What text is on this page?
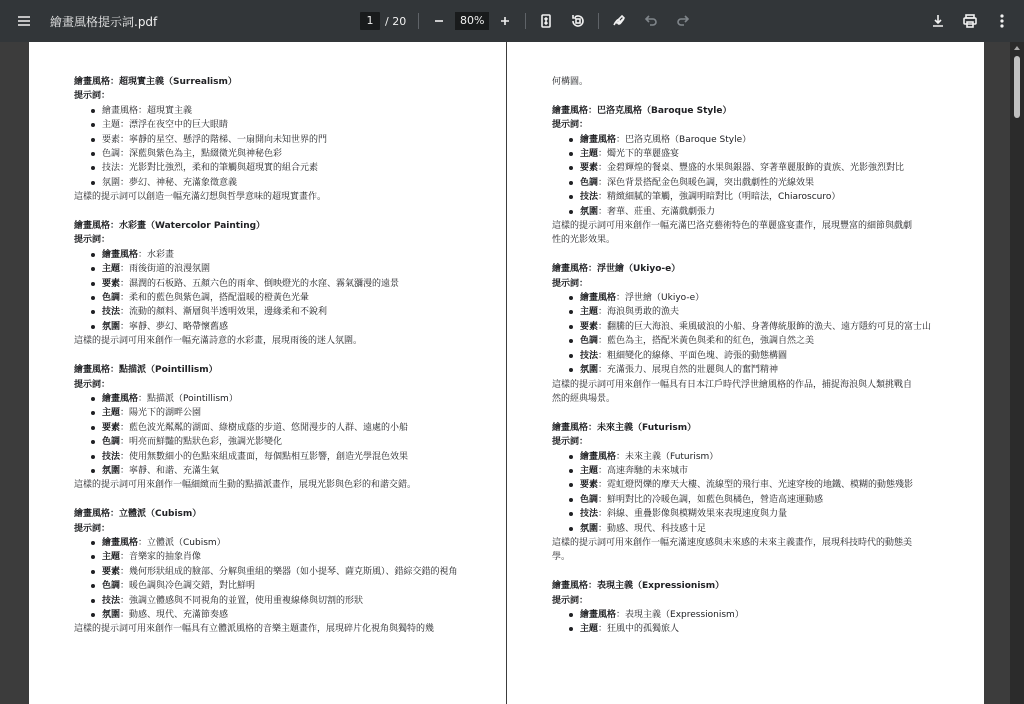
繪畫風格提示詞.pdf	1	/ 20	80%
繪畫風格：超現實主義（Surrealism）
提示詞：
繪畫風格：超現實主義
主題：漂浮在夜空中的巨大眼睛
要素：寧靜的星空、懸浮的階梯、一扇開向未知世界的門
色調：深藍與紫色為主，點綴微光與神秘色彩
技法：光影對比強烈，柔和的筆觸與超現實的組合元素
氛圍：夢幻、神秘、充滿象徵意義
這樣的提示詞可以創造一幅充滿幻想與哲學意味的超現實畫作。
繪畫風格：水彩畫（Watercolor Painting）
提示詞：
繪畫風格：水彩畫
主題：雨後街道的浪漫氛圍
要素：濕潤的石板路、五顏六色的雨傘、倒映燈光的水窪、霧氣瀰漫的遠景
色調：柔和的藍色與紫色調，搭配溫暖的橙黃色光暈
技法：流動的顏料、漸層與半透明效果，邊緣柔和不銳利
氛圍：寧靜、夢幻、略帶懷舊感
這樣的提示詞可用來創作一幅充滿詩意的水彩畫，展現雨後的迷人氛圍。
繪畫風格：點描派（Pointillism）
提示詞：
繪畫風格：點描派（Pointillism）
主題：陽光下的湖畔公園
要素：藍色波光粼粼的湖面、綠樹成蔭的步道、悠閒漫步的人群、遠處的小船
色調：明亮而鮮豔的點狀色彩，強調光影變化
技法：使用無數細小的色點來組成畫面，每個點相互影響，創造光學混色效果
氛圍：寧靜、和諧、充滿生氣
這樣的提示詞可用來創作一幅細緻而生動的點描派畫作，展現光影與色彩的和諧交錯。
繪畫風格：立體派（Cubism）
提示詞：
繪畫風格：立體派（Cubism）
主題：音樂家的抽象肖像
要素：幾何形狀組成的臉部、分解與重組的樂器（如小提琴、薩克斯風）、錯綜交錯的視角
色調：暖色調與冷色調交錯，對比鮮明
技法：強調立體感與不同視角的並置，使用重複線條與切割的形狀
氛圍：動感、現代、充滿節奏感
這樣的提示詞可用來創作一幅具有立體派風格的音樂主題畫作，展現碎片化視角與獨特的幾
何構圖。
繪畫風格：巴洛克風格（Baroque Style）
提示詞：
繪畫風格：巴洛克風格（Baroque Style）
主題：燭光下的華麗盛宴
要素：金碧輝煌的餐桌、豐盛的水果與銀器、穿著華麗服飾的貴族、光影強烈對比
色調：深色背景搭配金色與暖色調，突出戲劇性的光線效果
技法：精緻細膩的筆觸，強調明暗對比（明暗法，Chiaroscuro）
氛圍：奢華、莊重、充滿戲劇張力
這樣的提示詞可用來創作一幅充滿巴洛克藝術特色的華麗盛宴畫作，展現豐富的細節與戲劇
性的光影效果。
繪畫風格：浮世繪（Ukiyo-e）
提示詞：
繪畫風格：浮世繪（Ukiyo-e）
主題：海浪與勇敢的漁夫
要素：翻騰的巨大海浪、乘風破浪的小船、身著傳統服飾的漁夫、遠方隱約可見的富士山
色調：藍色為主，搭配米黃色與柔和的紅色，強調自然之美
技法：粗細變化的線條、平面色塊、誇張的動態構圖
氛圍：充滿張力、展現自然的壯麗與人的奮鬥精神
這樣的提示詞可用來創作一幅具有日本江戶時代浮世繪風格的作品，捕捉海浪與人類挑戰自
然的經典場景。
繪畫風格：未來主義（Futurism）
提示詞：
繪畫風格：未來主義（Futurism）
主題：高速奔馳的未來城市
要素：霓虹燈閃爍的摩天大樓、流線型的飛行車、光速穿梭的地鐵、模糊的動態殘影
色調：鮮明對比的冷暖色調，如藍色與橘色，營造高速運動感
技法：斜線、重疊影像與模糊效果來表現速度與力量
氛圍：動感、現代、科技感十足
這樣的提示詞可用來創作一幅充滿速度感與未來感的未來主義畫作，展現科技時代的動態美
學。
繪畫風格：表現主義（Expressionism）
提示詞：
繪畫風格：表現主義（Expressionism）
主題：狂風中的孤獨旅人
